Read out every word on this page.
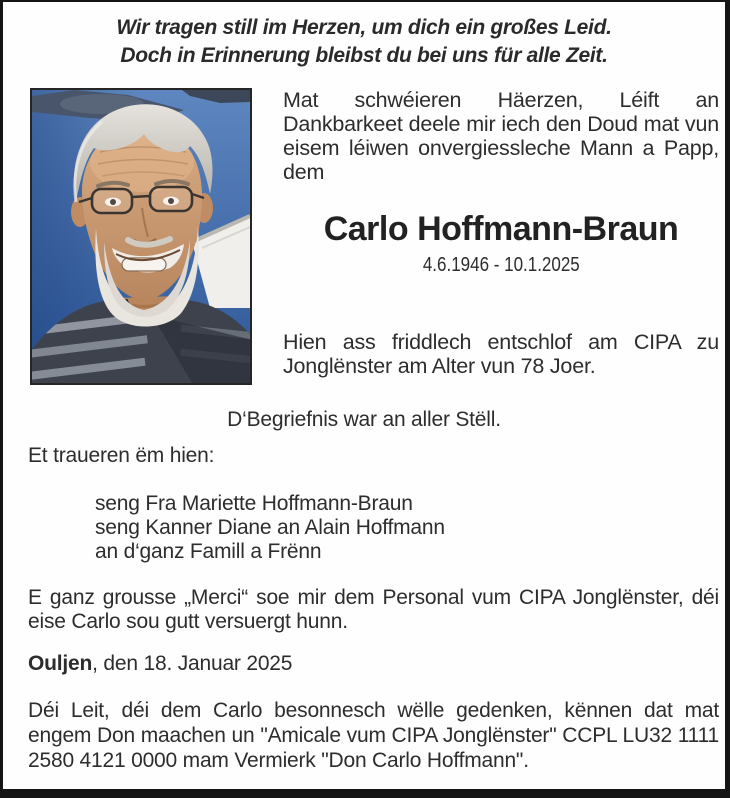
Wir tragen still im Herzen, um dich ein großes Leid.
Doch in Erinnerung bleibst du bei uns für alle Zeit.

Mat schwéieren Häerzen, Léift an Dankbarkeet deele mir iech den Doud mat vun eisem léiwen onvergiessleche Mann a Papp, dem

Carlo Hoffmann-Braun
4.6.1946 - 10.1.2025

Hien ass friddlech entschlof am CIPA zu Jonglënster am Alter vun 78 Joer.

D‘Begriefnis war an aller Stëll.
Et traueren ëm hien:
seng Fra Mariette Hoffmann-Braun
seng Kanner Diane an Alain Hoffmann
an d‘ganz Famill a Frënn
E ganz grousse „Merci“ soe mir dem Personal vum CIPA Jonglënster, déi eise Carlo sou gutt versuergt hunn.
Ouljen, den 18. Januar 2025
Déi Leit, déi dem Carlo besonnesch wëlle gedenken, kënnen dat mat engem Don maachen un "Amicale vum CIPA Jonglënster" CCPL LU32 1111 2580 4121 0000 mam Vermierk "Don Carlo Hoffmann".
